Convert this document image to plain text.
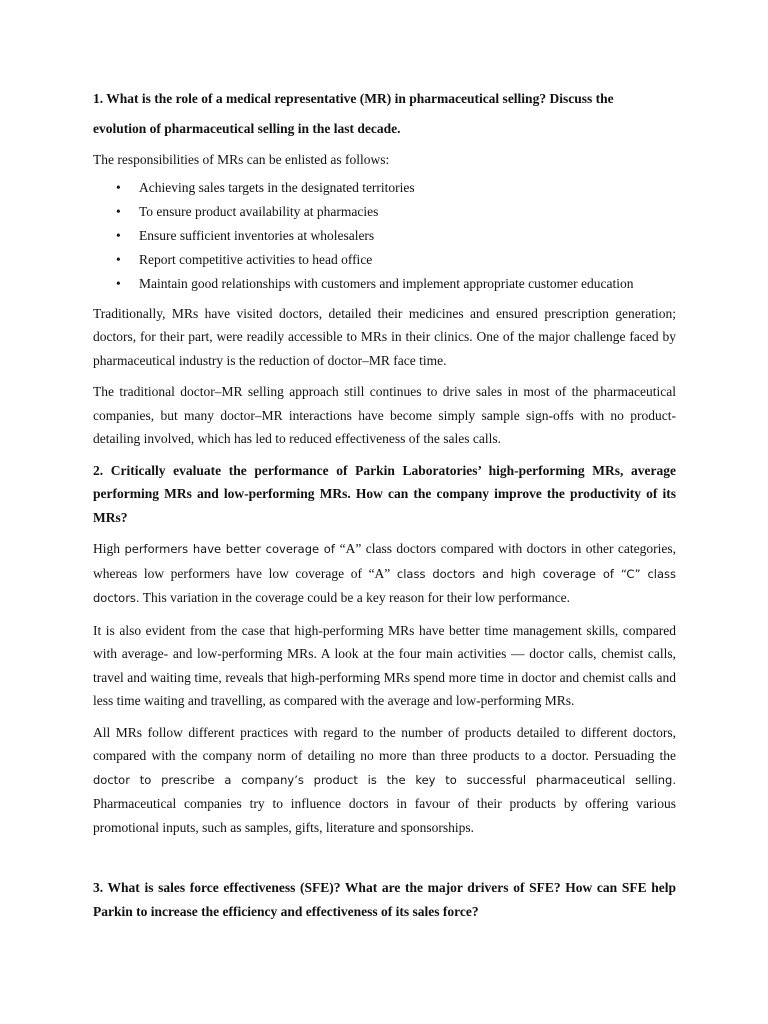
1. What is the role of a medical representative (MR) in pharmaceutical selling? Discuss the
evolution of pharmaceutical selling in the last decade.

The responsibilities of MRs can be enlisted as follows:

• Achieving sales targets in the designated territories
• To ensure product availability at pharmacies
• Ensure sufficient inventories at wholesalers
• Report competitive activities to head office
• Maintain good relationships with customers and implement appropriate customer education

Traditionally, MRs have visited doctors, detailed their medicines and ensured prescription generation; doctors, for their part, were readily accessible to MRs in their clinics. One of the major challenge faced by pharmaceutical industry is the reduction of doctor–MR face time.

The traditional doctor–MR selling approach still continues to drive sales in most of the pharmaceutical companies, but many doctor–MR interactions have become simply sample sign-offs with no product-detailing involved, which has led to reduced effectiveness of the sales calls.

2. Critically evaluate the performance of Parkin Laboratories’ high-performing MRs, average performing MRs and low-performing MRs. How can the company improve the productivity of its MRs?

High performers have better coverage of “A” class doctors compared with doctors in other categories, whereas low performers have low coverage of “A” class doctors and high coverage of “C” class doctors. This variation in the coverage could be a key reason for their low performance.

It is also evident from the case that high-performing MRs have better time management skills, compared with average- and low-performing MRs. A look at the four main activities — doctor calls, chemist calls, travel and waiting time, reveals that high-performing MRs spend more time in doctor and chemist calls and less time waiting and travelling, as compared with the average and low-performing MRs.

All MRs follow different practices with regard to the number of products detailed to different doctors, compared with the company norm of detailing no more than three products to a doctor. Persuading the doctor to prescribe a company’s product is the key to successful pharmaceutical selling. Pharmaceutical companies try to influence doctors in favour of their products by offering various promotional inputs, such as samples, gifts, literature and sponsorships.

3. What is sales force effectiveness (SFE)? What are the major drivers of SFE? How can SFE help Parkin to increase the efficiency and effectiveness of its sales force?
